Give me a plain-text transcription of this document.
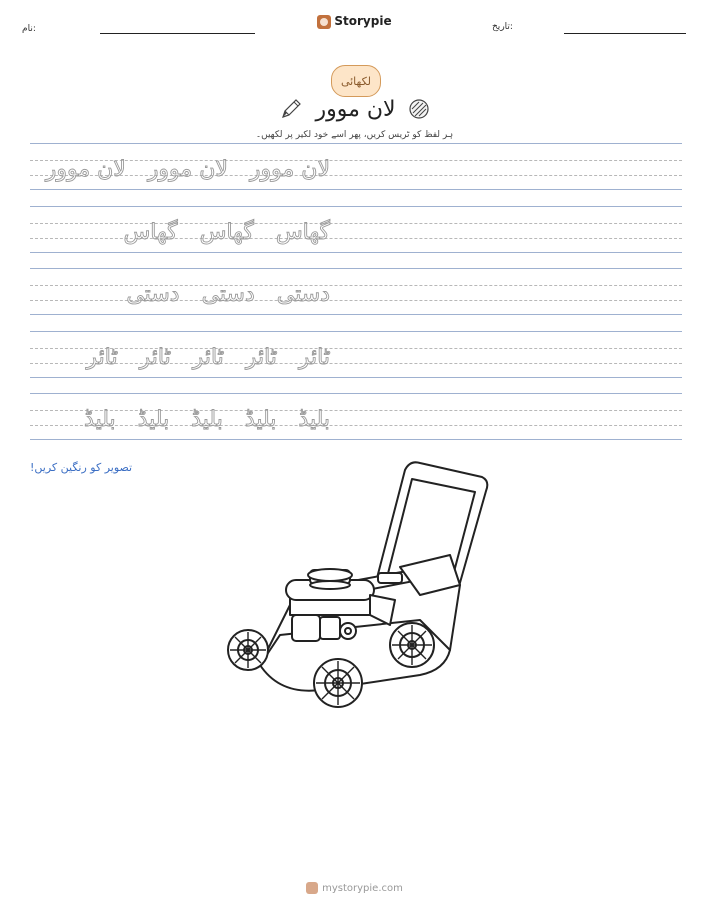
نام:
Storypie	تاریخ:
لکھائی
لان موور
ہر لفظ کو ٹریس کریں، پھر اسے خود لکیر پر لکھیں۔
لان موور
لان موور
لان موور
گھاس
گھاس
گھاس
دستی
دستی
دستی
ٹائر
ٹائر
ٹائر
ٹائر
ٹائر
بلیڈ
بلیڈ
بلیڈ
بلیڈ
بلیڈ
تصویر کو رنگین کریں!
mystorypie.com
